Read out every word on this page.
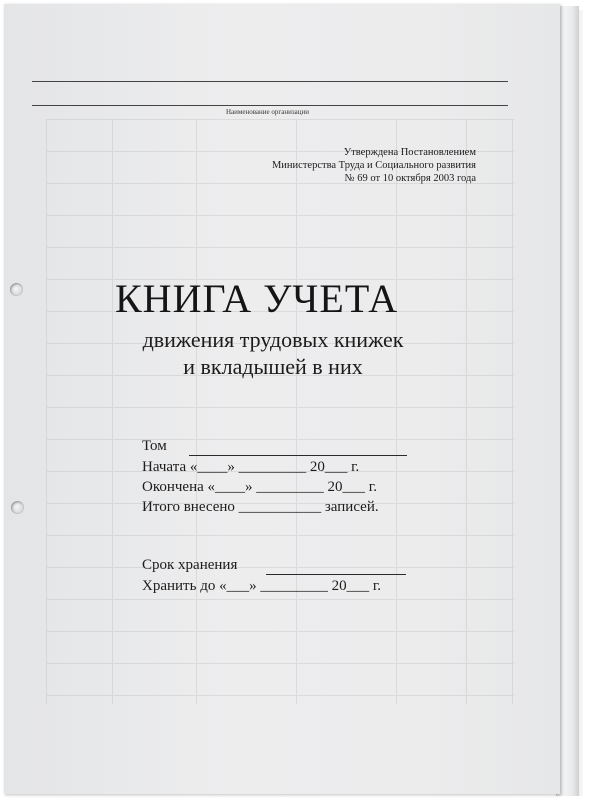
Наименование организации
Утверждена Постановлением
Министерства Труда и Социального развития
№ 69 от 10 октября 2003 года
КНИГА УЧЕТА
движения трудовых книжек
и вкладышей в них
Том
Начата «____» _________ 20___ г.
Окончена «____» _________ 20___ г.
Итого внесено ___________ записей.
Срок хранения
Хранить до «___» _________ 20___ г.
